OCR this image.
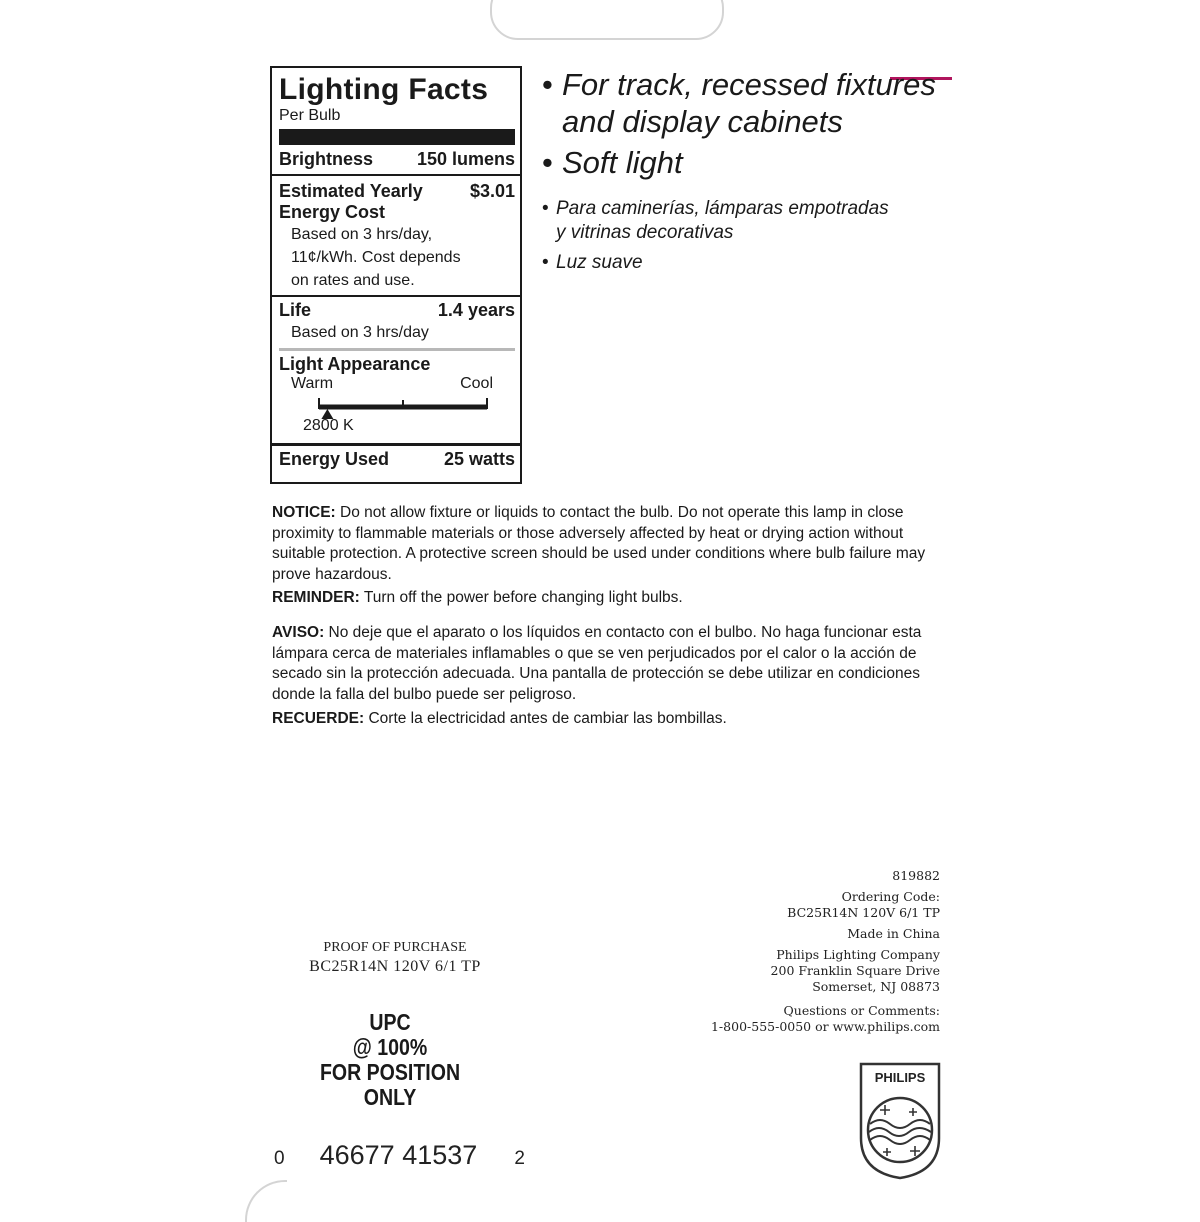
Lighting Facts
Per Bulb
Brightness 150 lumens
Estimated Yearly
Energy Cost
$3.01
Based on 3 hrs/day,
11¢/kWh. Cost depends
on rates and use.
Life	1.4 years
Based on 3 hrs/day
Light Appearance
Warm	Cool
2800 K
Energy Used	25 watts
• For track, recessed fixtures
and display cabinets
• Soft light
• Para caminerías, lámparas empotradas
y vitrinas decorativas
• Luz suave
NOTICE: Do not allow fixture or liquids to contact the bulb. Do not operate this lamp in close proximity to flammable materials or those adversely affected by heat or drying action without suitable protection. A protective screen should be used under conditions where bulb failure may prove hazardous.
REMINDER: Turn off the power before changing light bulbs.
AVISO: No deje que el aparato o los líquidos en contacto con el bulbo. No haga funcionar esta lámpara cerca de materiales inflamables o que se ven perjudicados por el calor o la acción de secado sin la protección adecuada. Una pantalla de protección se debe utilizar en condiciones donde la falla del bulbo puede ser peligroso.
RECUERDE: Corte la electricidad antes de cambiar las bombillas.
819882
Ordering Code:
BC25R14N 120V 6/1 TP
Made in China
Philips Lighting Company
200 Franklin Square Drive
Somerset, NJ 08873
Questions or Comments:
1-800-555-0050 or www.philips.com
PROOF OF PURCHASE
BC25R14N 120V 6/1 TP
UPC
@ 100%
FOR POSITION
ONLY
0 46677 41537 2
PHILIPS
